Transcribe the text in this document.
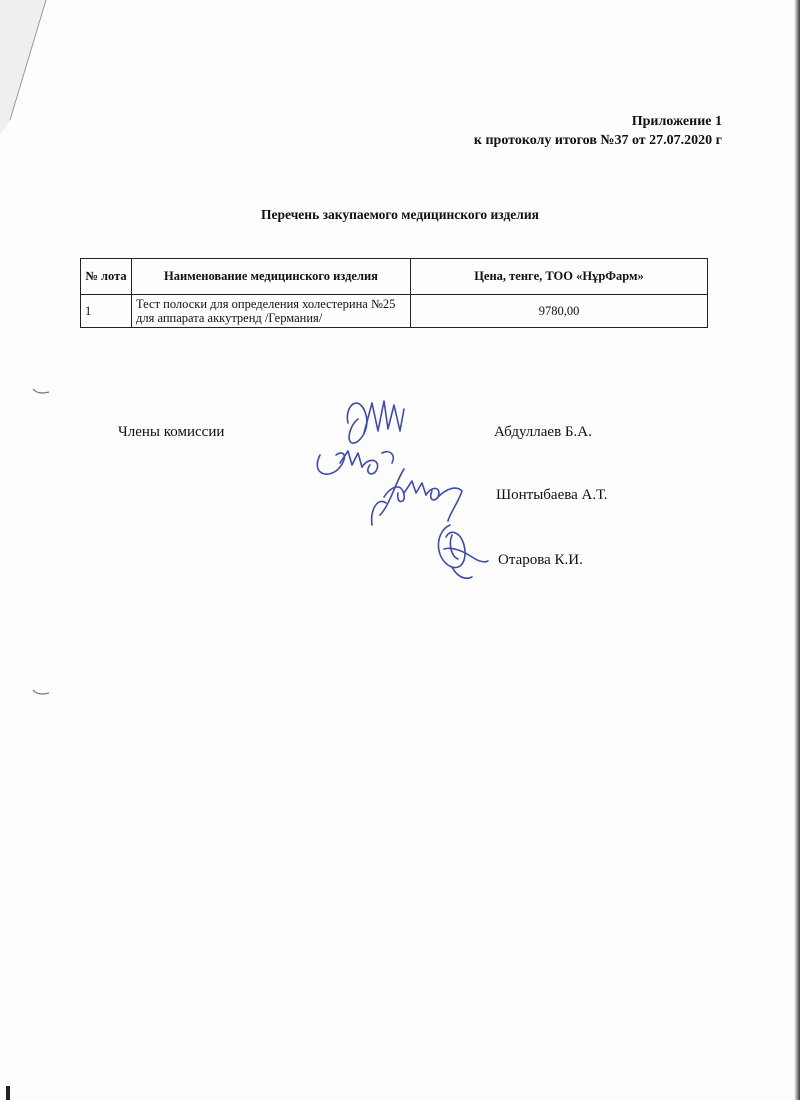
Приложение 1
к протоколу итогов №37 от 27.07.2020 г
Перечень закупаемого медицинского изделия
№ лота	Наименование медицинского изделия	Цена, тенге, ТОО «НұрФарм»
1	Тест полоски для определения холестерина №25 для аппарата аккутренд /Германия/	9780,00
Члены комиссии	Абдуллаев Б.А.
Шонтыбаева А.Т.
Отарова К.И.
